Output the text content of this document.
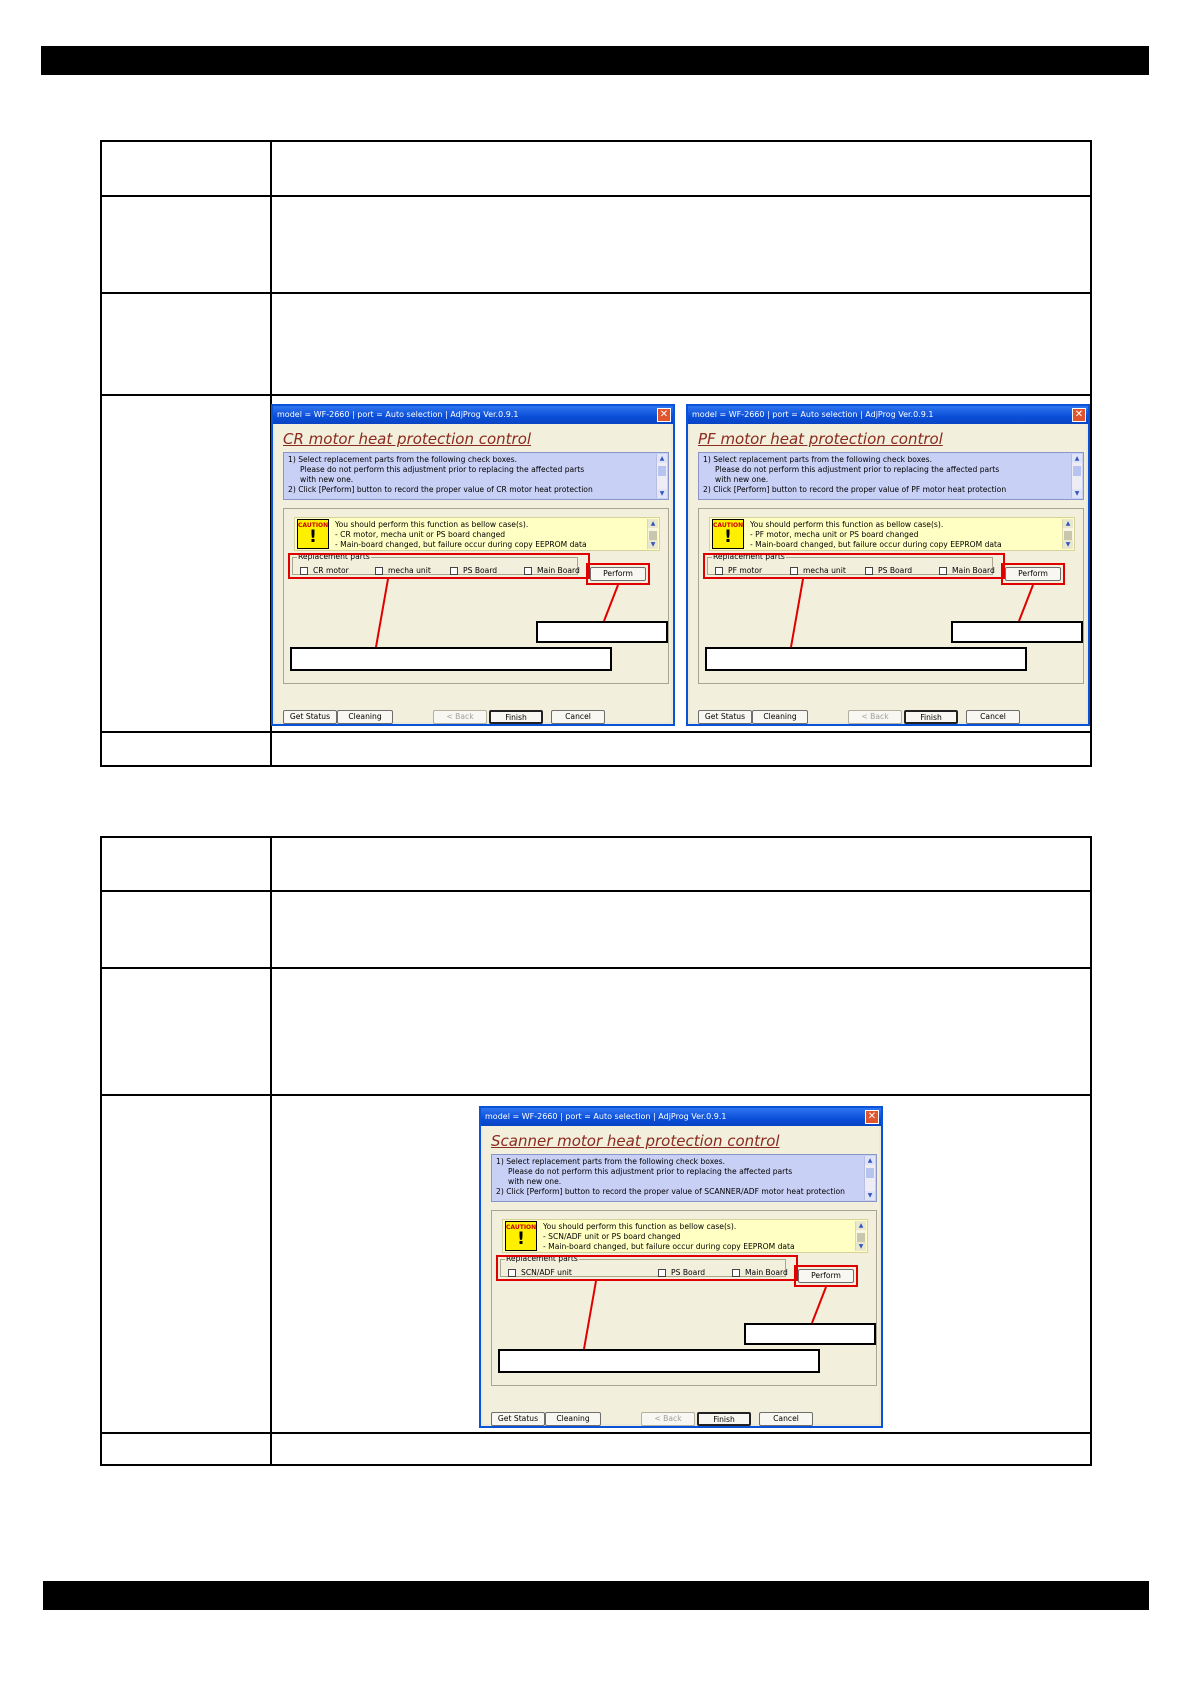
model = WF-2660 | port = Auto selection | AdjProg Ver.0.9.1	✕
CR motor heat protection control
1) Select replacement parts from the following check boxes.
Please do not perform this adjustment prior to replacing the affected parts
with new one.
2) Click [Perform] button to record the proper value of CR motor heat protection
▲
▼
CAUTION
!
You should perform this function as bellow case(s).
- CR motor, mecha unit or PS board changed
- Main-board changed, but failure occur during copy EEPROM data
▲
▼
Replacement parts
CR motor	mecha unit	PS Board	Main Board	Perform
Get Status	Cleaning	< Back	Finish	Cancel
model = WF-2660 | port = Auto selection | AdjProg Ver.0.9.1	✕
PF motor heat protection control
1) Select replacement parts from the following check boxes.
Please do not perform this adjustment prior to replacing the affected parts
with new one.
2) Click [Perform] button to record the proper value of PF motor heat protection
▲
▼
CAUTION
!
You should perform this function as bellow case(s).
- PF motor, mecha unit or PS board changed
- Main-board changed, but failure occur during copy EEPROM data
▲
▼
Replacement parts
PF motor	mecha unit	PS Board	Main Board	Perform
Get Status	Cleaning	< Back	Finish	Cancel
model = WF-2660 | port = Auto selection | AdjProg Ver.0.9.1	✕
Scanner motor heat protection control
1) Select replacement parts from the following check boxes.
Please do not perform this adjustment prior to replacing the affected parts
with new one.
2) Click [Perform] button to record the proper value of SCANNER/ADF motor heat protection
▲
▼
CAUTION
!
You should perform this function as bellow case(s).
- SCN/ADF unit or PS board changed
- Main-board changed, but failure occur during copy EEPROM data
▲
▼
Replacement parts
SCN/ADF unit	PS Board	Main Board	Perform
Get Status	Cleaning	< Back	Finish	Cancel
